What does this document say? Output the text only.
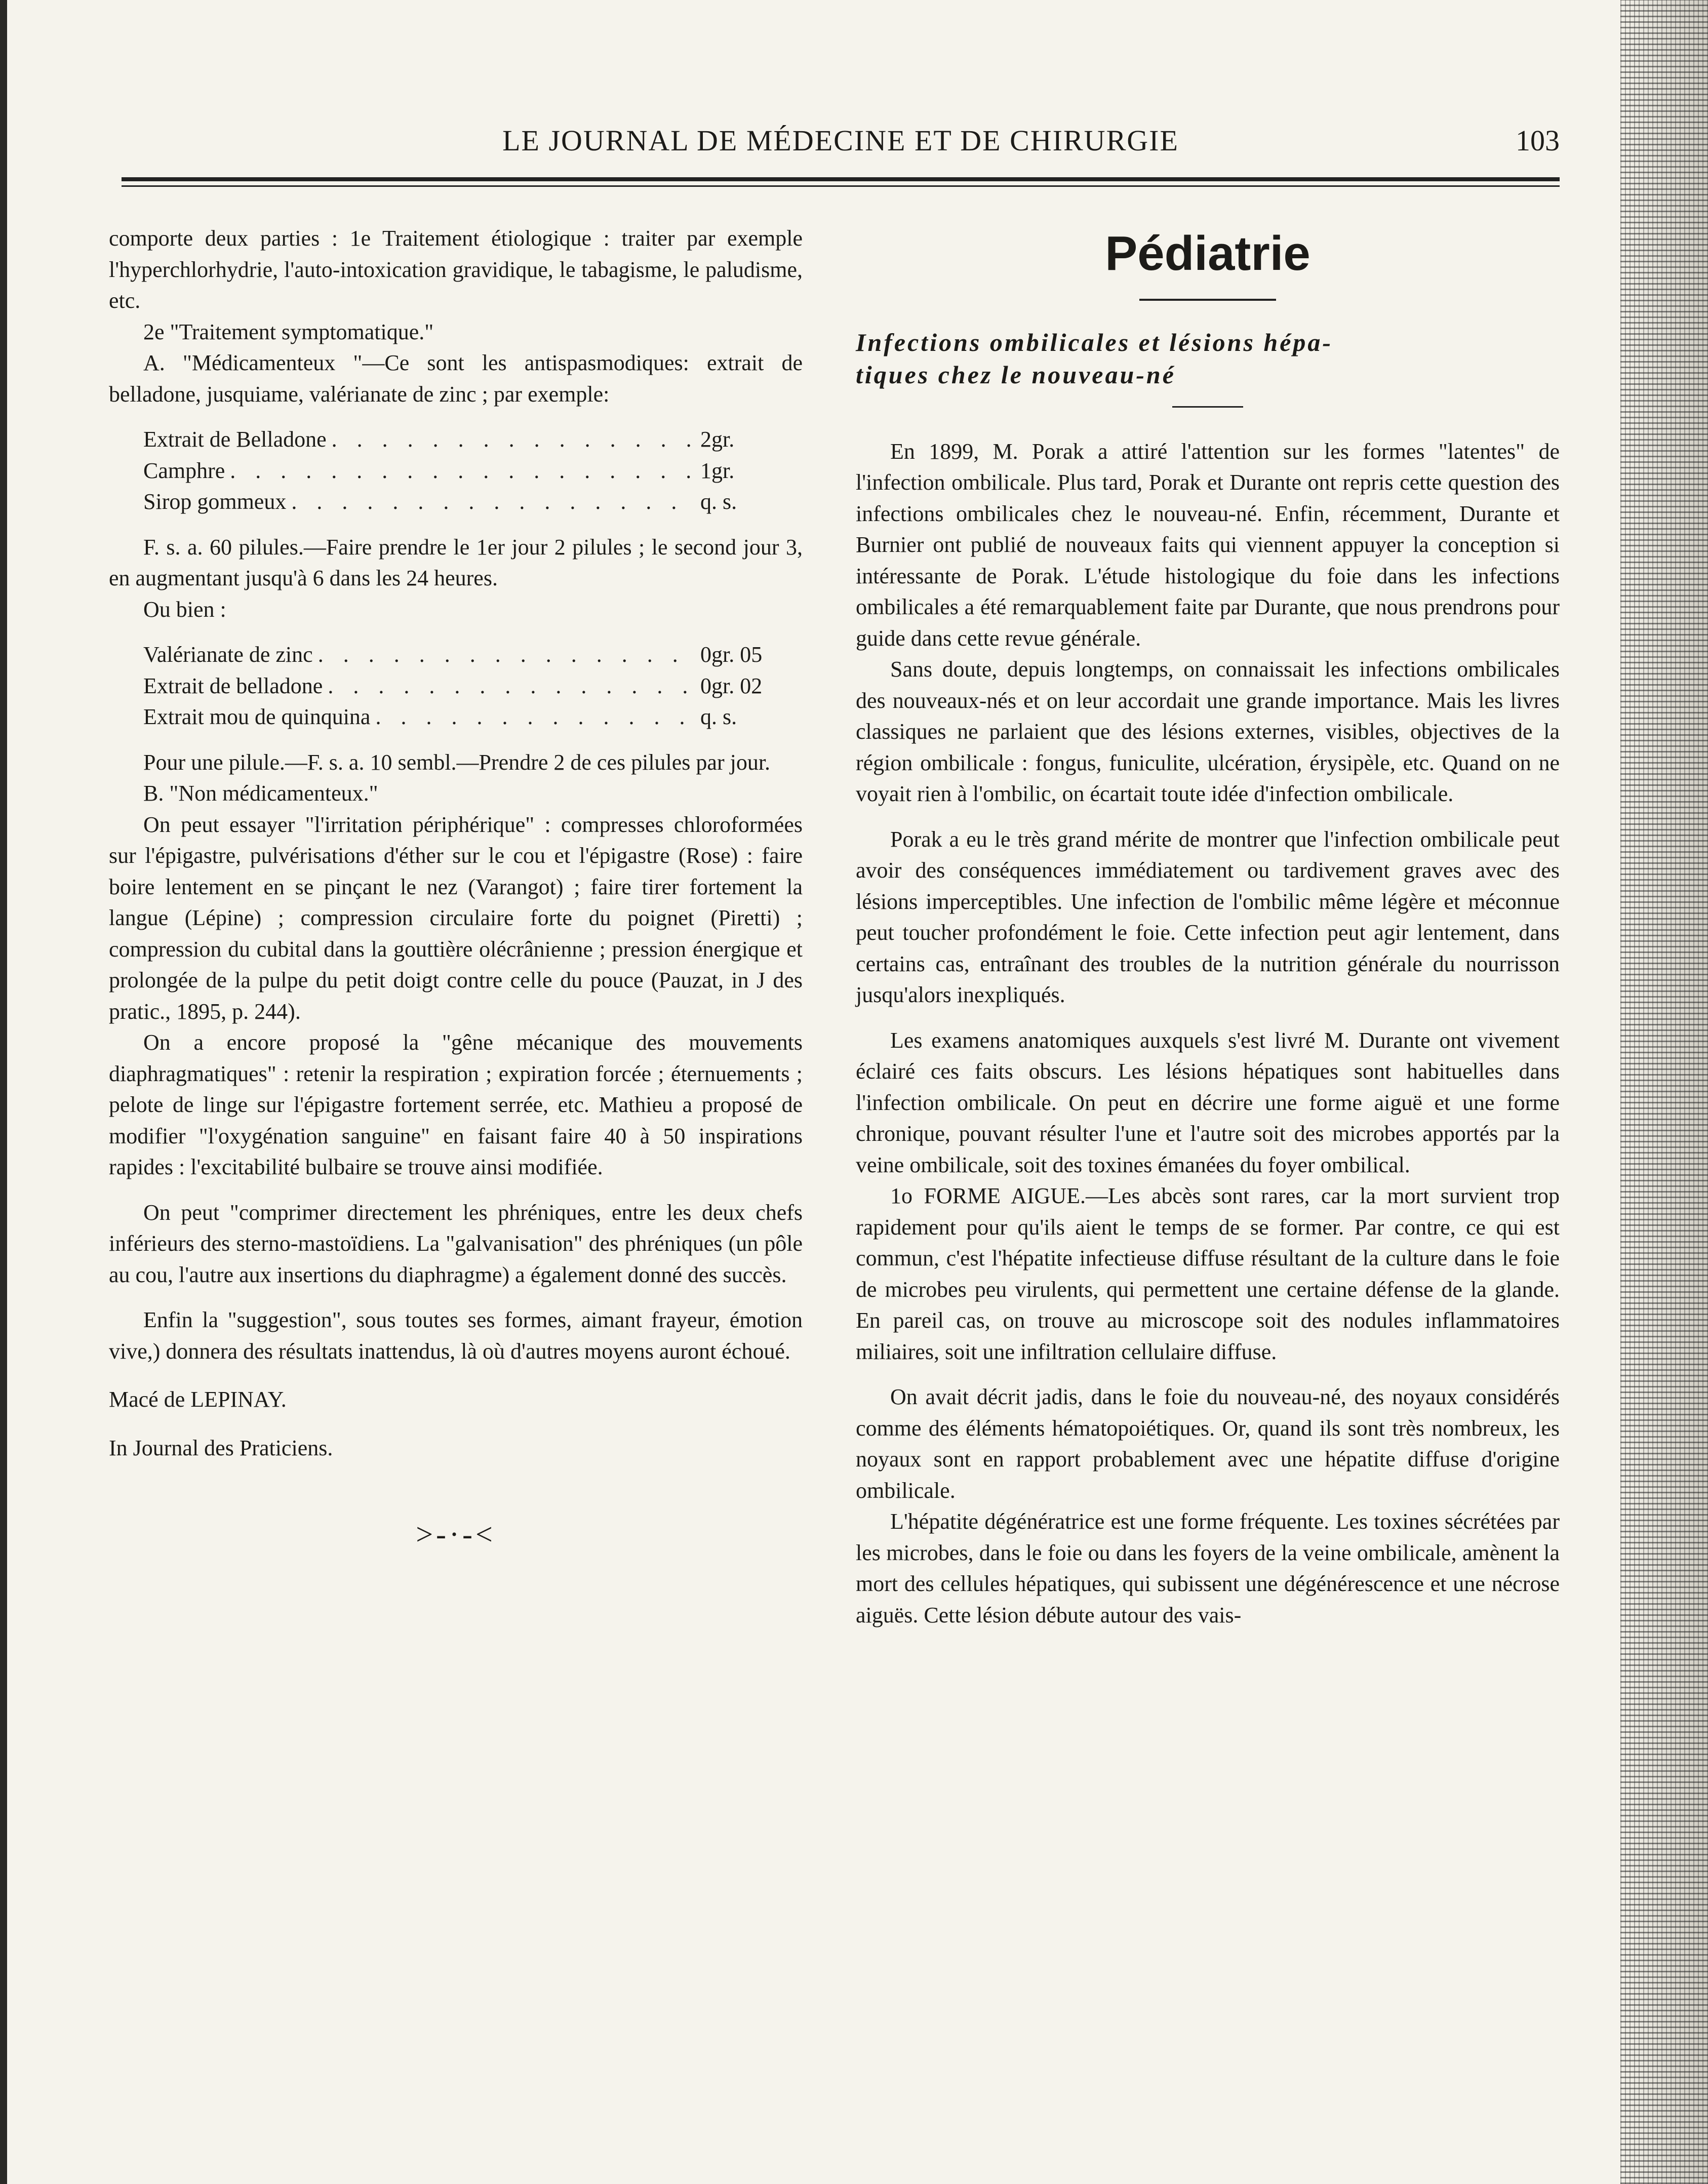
LE JOURNAL DE MÉDECINE ET DE CHIRURGIE	103

comporte deux parties : 1e Traitement étiologique : traiter par exemple l'hyperchlorhydrie, l'auto-intoxication gravidique, le tabagisme, le paludisme, etc.

2e "Traitement symptomatique."

A. "Médicamenteux "—Ce sont les antispasmodiques: extrait de belladone, jusquiame, valérianate de zinc ; par exemple:

Extrait de Belladone . . .	2gr.
Camphre . . .	1gr.
Sirop gommeux . . .	q. s.

F. s. a. 60 pilules.—Faire prendre le 1er jour 2 pilules ; le second jour 3, en augmentant jusqu'à 6 dans les 24 heures.

Ou bien :

Valérianate de zinc . . .	0gr. 05
Extrait de belladone . . .	0gr. 02
Extrait mou de quinquina . . .	q. s.

Pour une pilule.—F. s. a. 10 sembl.—Prendre 2 de ces pilules par jour.

B. "Non médicamenteux."

On peut essayer "l'irritation périphérique" : compresses chloroformées sur l'épigastre, pulvérisations d'éther sur le cou et l'épigastre (Rose) : faire boire lentement en se pinçant le nez (Varangot) ; faire tirer fortement la langue (Lépine) ; compression circulaire forte du poignet (Piretti) ; compression du cubital dans la gouttière olécrânienne ; pression énergique et prolongée de la pulpe du petit doigt contre celle du pouce (Pauzat, in J des pratic., 1895, p. 244).

On a encore proposé la "gêne mécanique des mouvements diaphragmatiques" : retenir la respiration ; expiration forcée ; éternuements ; pelote de linge sur l'épigastre fortement serrée, etc. Mathieu a proposé de modifier "l'oxygénation sanguine" en faisant faire 40 à 50 inspirations rapides : l'excitabilité bulbaire se trouve ainsi modifiée.

On peut "comprimer directement les phréniques, entre les deux chefs inférieurs des sterno-mastoïdiens. La "galvanisation" des phréniques (un pôle au cou, l'autre aux insertions du diaphragme) a également donné des succès.

Enfin la "suggestion", sous toutes ses formes, aimant frayeur, émotion vive,) donnera des résultats inattendus, là où d'autres moyens auront échoué.

Macé de LEPINAY.

In Journal des Praticiens.

>-·-<
Pédiatrie

Infections ombilicales et lésions hépa-

tiques chez le nouveau-né

En 1899, M. Porak a attiré l'attention sur les formes "latentes" de l'infection ombilicale. Plus tard, Porak et Durante ont repris cette question des infections ombilicales chez le nouveau-né. Enfin, récemment, Durante et Burnier ont publié de nouveaux faits qui viennent appuyer la conception si intéressante de Porak. L'étude histologique du foie dans les infections ombilicales a été remarquablement faite par Durante, que nous prendrons pour guide dans cette revue générale.

Sans doute, depuis longtemps, on connaissait les infections ombilicales des nouveaux-nés et on leur accordait une grande importance. Mais les livres classiques ne parlaient que des lésions externes, visibles, objectives de la région ombilicale : fongus, funiculite, ulcération, érysipèle, etc. Quand on ne voyait rien à l'ombilic, on écartait toute idée d'infection ombilicale.

Porak a eu le très grand mérite de montrer que l'infection ombilicale peut avoir des conséquences immédiatement ou tardivement graves avec des lésions imperceptibles. Une infection de l'ombilic même légère et méconnue peut toucher profondément le foie. Cette infection peut agir lentement, dans certains cas, entraînant des troubles de la nutrition générale du nourrisson jusqu'alors inexpliqués.

Les examens anatomiques auxquels s'est livré M. Durante ont vivement éclairé ces faits obscurs. Les lésions hépatiques sont habituelles dans l'infection ombilicale. On peut en décrire une forme aiguë et une forme chronique, pouvant résulter l'une et l'autre soit des microbes apportés par la veine ombilicale, soit des toxines émanées du foyer ombilical.

1o FORME AIGUE.—Les abcès sont rares, car la mort survient trop rapidement pour qu'ils aient le temps de se former. Par contre, ce qui est commun, c'est l'hépatite infectieuse diffuse résultant de la culture dans le foie de microbes peu virulents, qui permettent une certaine défense de la glande. En pareil cas, on trouve au microscope soit des nodules inflammatoires miliaires, soit une infiltration cellulaire diffuse.

On avait décrit jadis, dans le foie du nouveau-né, des noyaux considérés comme des éléments hématopoiétiques. Or, quand ils sont très nombreux, les noyaux sont en rapport probablement avec une hépatite diffuse d'origine ombilicale.

L'hépatite dégénératrice est une forme fréquente. Les toxines sécrétées par les microbes, dans le foie ou dans les foyers de la veine ombilicale, amènent la mort des cellules hépatiques, qui subissent une dégénérescence et une nécrose aiguës. Cette lésion débute autour des vais-
